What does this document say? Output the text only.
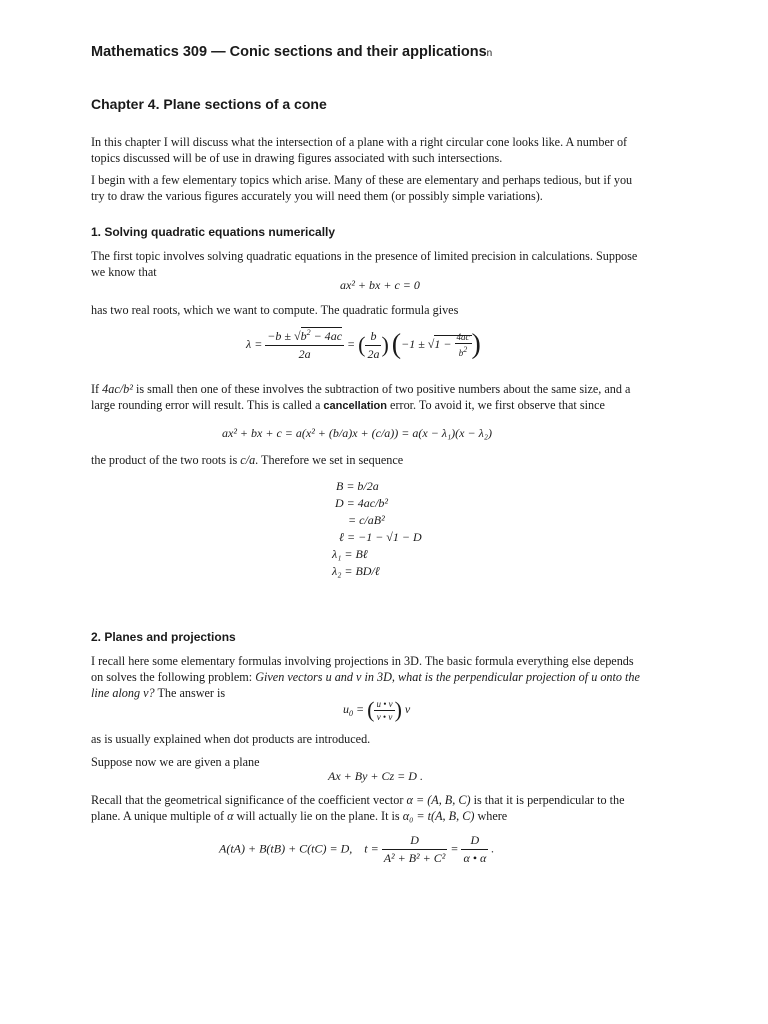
Mathematics 309 — Conic sections and their applicationsn
Chapter 4. Plane sections of a cone
In this chapter I will discuss what the intersection of a plane with a right circular cone looks like. A number of
topics discussed will be of use in drawing figures associated with such intersections.
I begin with a few elementary topics which arise. Many of these are elementary and perhaps tedious, but if you
try to draw the various figures accurately you will need them (or possibly simple variations).
1. Solving quadratic equations numerically
The first topic involves solving quadratic equations in the presence of limited precision in calculations. Suppose
we know that
ax² + bx + c = 0
has two real roots, which we want to compute. The quadratic formula gives
$\lambda = \frac{-b \pm √b^2 - 4ac}{2a}$ = ( $\frac{b}{2a}$ ) ($-1 \pm √1 - \frac{4ac}{b^2}$ )
If 4ac/b² is small then one of these involves the subtraction of two positive numbers about the same size, and a
large rounding error will result. This is called a cancellation error. To avoid it, we first observe that since
ax² + bx + c = a(x² + (b/a)x + (c/a)) = a(x − λ₁)(x − λ₂)
the product of the two roots is c/a. Therefore we set in sequence
B = b/2a
D = 4ac/b²
= c/aB²
ℓ = −1 − √1 − D
λ₁ = Bℓ
λ₂ = BD/ℓ
2. Planes and projections
I recall here some elementary formulas involving projections in 3D. The basic formula everything else depends
on solves the following problem: Given vectors u and v in 3D, what is the perpendicular projection of u onto the
line along v? The answer is
$u_0$ = ( $\frac{u • v}{v • v}$ ) v
as is usually explained when dot products are introduced.
Suppose now we are given a plane
Ax + By + Cz = D .
Recall that the geometrical significance of the coefficient vector α = (A, B, C) is that it is perpendicular to the
plane. A unique multiple of α will actually lie on the plane. It is α₀ = t(A, B, C) where
A(tA) + B(tB) + C(tC) = D, $t = \frac{D}{\text{A² + B² + C²}} = \frac{D}{\alpha • \alpha}$ .
